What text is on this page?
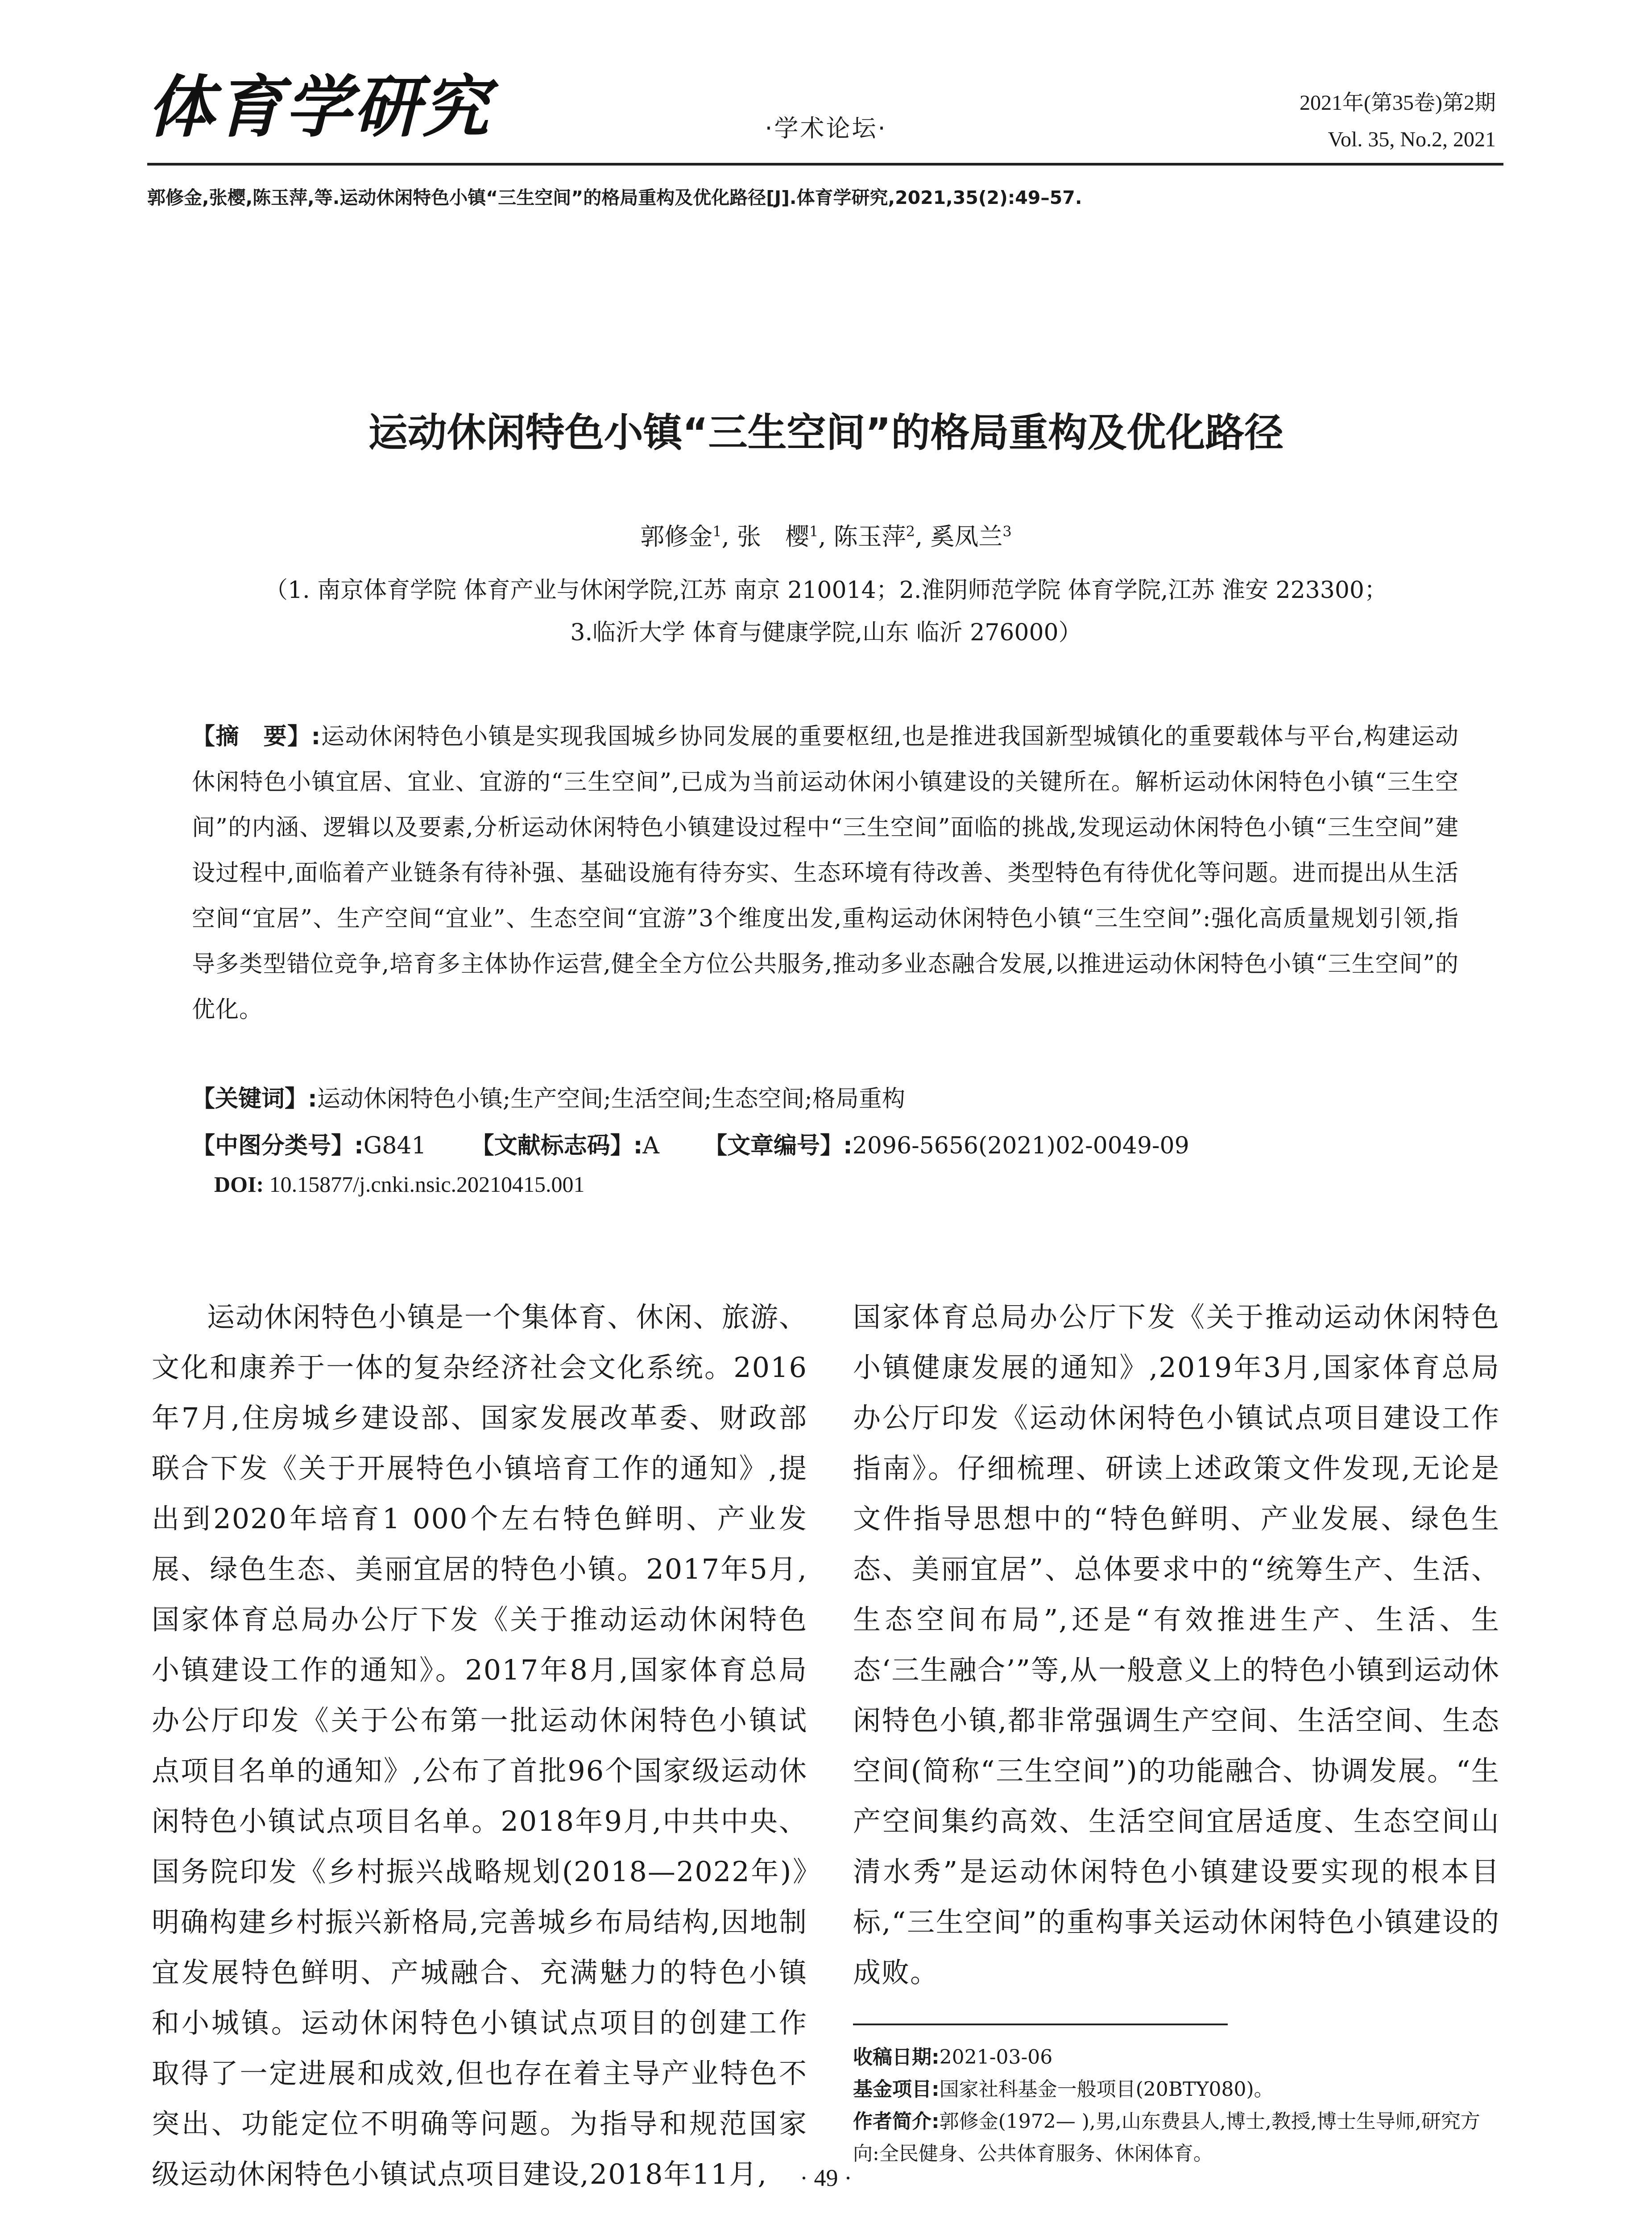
体育学研究	·学术论坛·
2021年(第35卷)第2期
Vol. 35, No.2, 2021
郭修金,张樱,陈玉萍,等.运动休闲特色小镇“三生空间”的格局重构及优化路径[J].体育学研究,2021,35(2):49–57.
运动休闲特色小镇“三生空间”的格局重构及优化路径
郭修金$^1$, 张　樱$^1$, 陈玉萍$^2$, 奚凤兰$^3$
（1. 南京体育学院 体育产业与休闲学院,江苏 南京 210014；2.淮阴师范学院 体育学院,江苏 淮安 223300；
3.临沂大学 体育与健康学院,山东 临沂 276000）
【摘　要】:运动休闲特色小镇是实现我国城乡协同发展的重要枢纽,也是推进我国新型城镇化的重要载体与平台,构建运动休闲特色小镇宜居、宜业、宜游的“三生空间”,已成为当前运动休闲小镇建设的关键所在。解析运动休闲特色小镇“三生空间”的内涵、逻辑以及要素,分析运动休闲特色小镇建设过程中“三生空间”面临的挑战,发现运动休闲特色小镇“三生空间”建设过程中,面临着产业链条有待补强、基础设施有待夯实、生态环境有待改善、类型特色有待优化等问题。进而提出从生活空间“宜居”、生产空间“宜业”、生态空间“宜游”3个维度出发,重构运动休闲特色小镇“三生空间”:强化高质量规划引领,指导多类型错位竞争,培育多主体协作运营,健全全方位公共服务,推动多业态融合发展,以推进运动休闲特色小镇“三生空间”的优化。
【关键词】:运动休闲特色小镇;生产空间;生活空间;生态空间;格局重构
【中图分类号】:G841 【文献标志码】:A 【文章编号】:2096-5656(2021)02-0049-09
DOI: 10.15877/j.cnki.nsic.20210415.001
运动休闲特色小镇是一个集体育、休闲、旅游、文化和康养于一体的复杂经济社会文化系统。2016年7月,住房城乡建设部、国家发展改革委、财政部联合下发《关于开展特色小镇培育工作的通知》,提出到2020年培育1 000个左右特色鲜明、产业发展、绿色生态、美丽宜居的特色小镇。2017年5月,国家体育总局办公厅下发《关于推动运动休闲特色小镇建设工作的通知》。2017年8月,国家体育总局办公厅印发《关于公布第一批运动休闲特色小镇试点项目名单的通知》,公布了首批96个国家级运动休闲特色小镇试点项目名单。2018年9月,中共中央、国务院印发《乡村振兴战略规划(2018—2022年)》明确构建乡村振兴新格局,完善城乡布局结构,因地制宜发展特色鲜明、产城融合、充满魅力的特色小镇和小城镇。运动休闲特色小镇试点项目的创建工作取得了一定进展和成效,但也存在着主导产业特色不突出、功能定位不明确等问题。为指导和规范国家级运动休闲特色小镇试点项目建设,2018年11月,
国家体育总局办公厅下发《关于推动运动休闲特色小镇健康发展的通知》,2019年3月,国家体育总局办公厅印发《运动休闲特色小镇试点项目建设工作指南》。仔细梳理、研读上述政策文件发现,无论是文件指导思想中的“特色鲜明、产业发展、绿色生态、美丽宜居”、总体要求中的“统筹生产、生活、生态空间布局”,还是“有效推进生产、生活、生态‘三生融合’”等,从一般意义上的特色小镇到运动休闲特色小镇,都非常强调生产空间、生活空间、生态空间(简称“三生空间”)的功能融合、协调发展。“生产空间集约高效、生活空间宜居适度、生态空间山清水秀”是运动休闲特色小镇建设要实现的根本目标,“三生空间”的重构事关运动休闲特色小镇建设的成败。
收稿日期:2021-03-06
基金项目:国家社科基金一般项目(20BTY080)。
作者简介:郭修金(1972— ),男,山东费县人,博士,教授,博士生导师,研究方向:全民健身、公共体育服务、休闲体育。
· 49 ·
